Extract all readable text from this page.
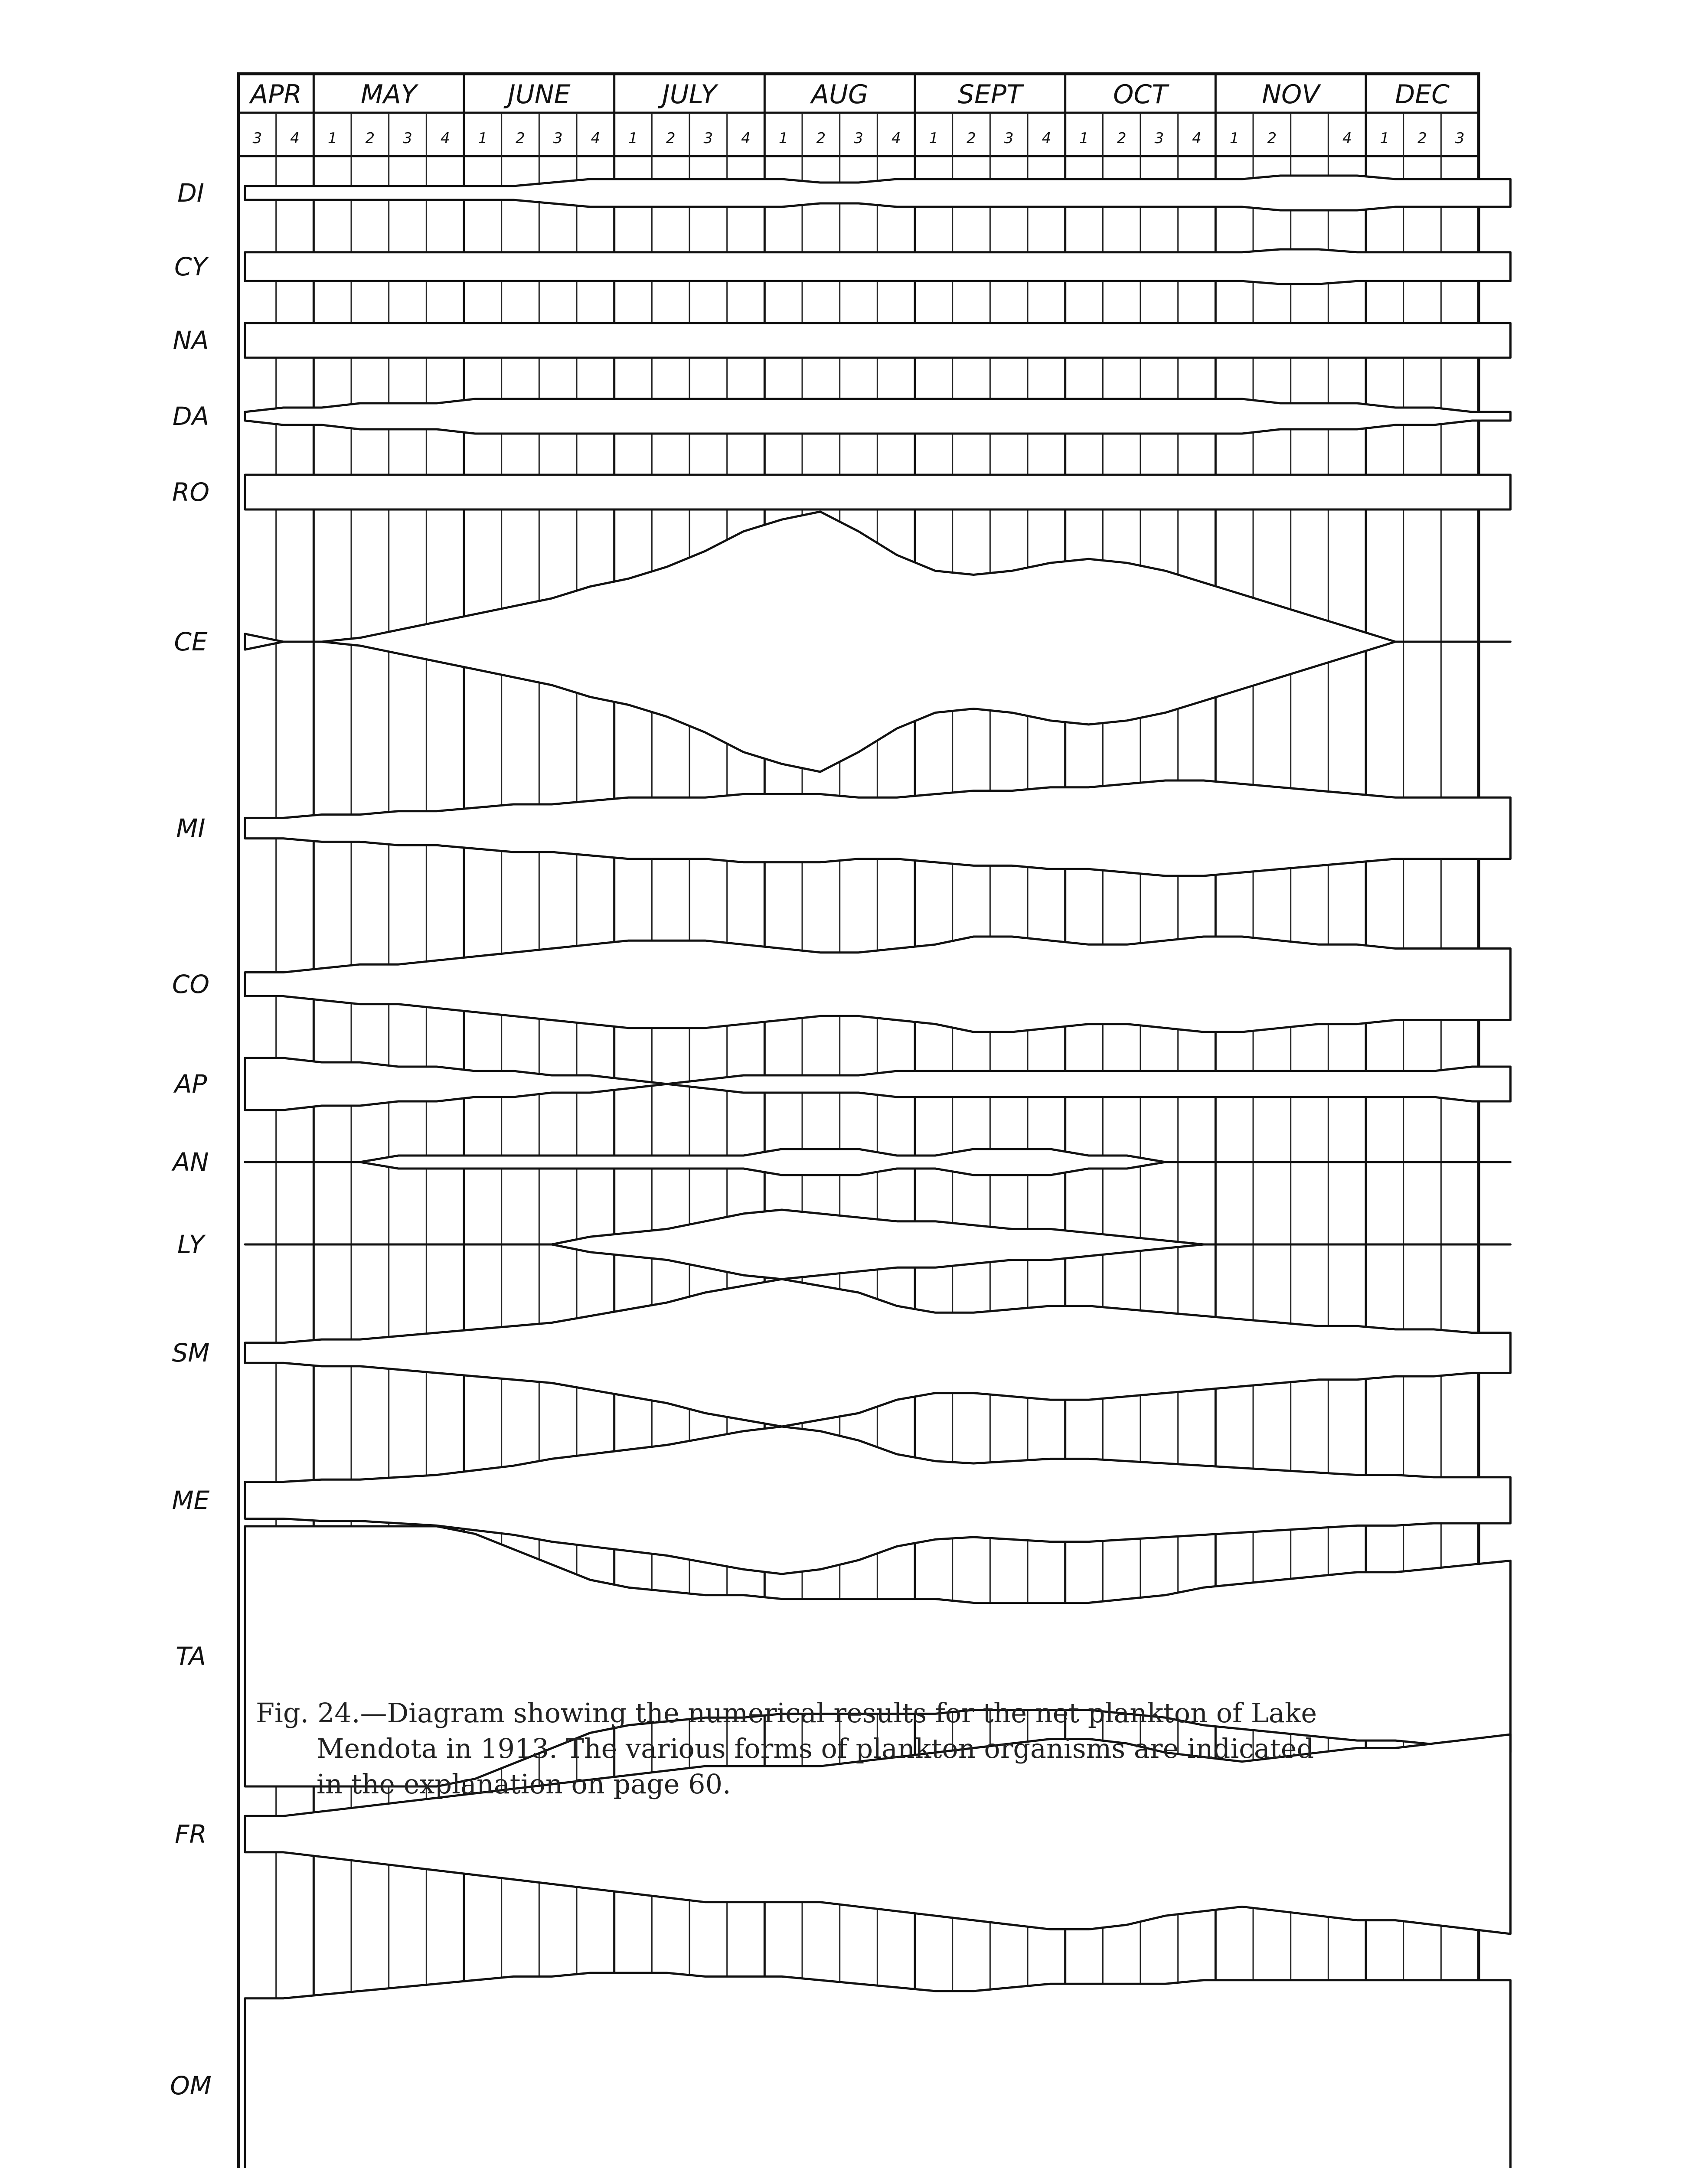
APR
3 4
MAY
1 2 3 4
JUNE
1 2 3 4
JULY
1 2 3 4
AUG
1 2 3 4
SEPT
1 2 3 4
OCT
1 2 3 4
NOV
1 2	4
DEC
1 2 3
DI
CY
NA
DA
RO
CE
MI
CO
AP
AN
LY
SM
ME
TA
FR
OM
Fig. 24.—Diagram showing the numerical results for the net plankton of Lake
Mendota in 1913. The various forms of plankton organisms are indicated
in the explanation on page 60.
